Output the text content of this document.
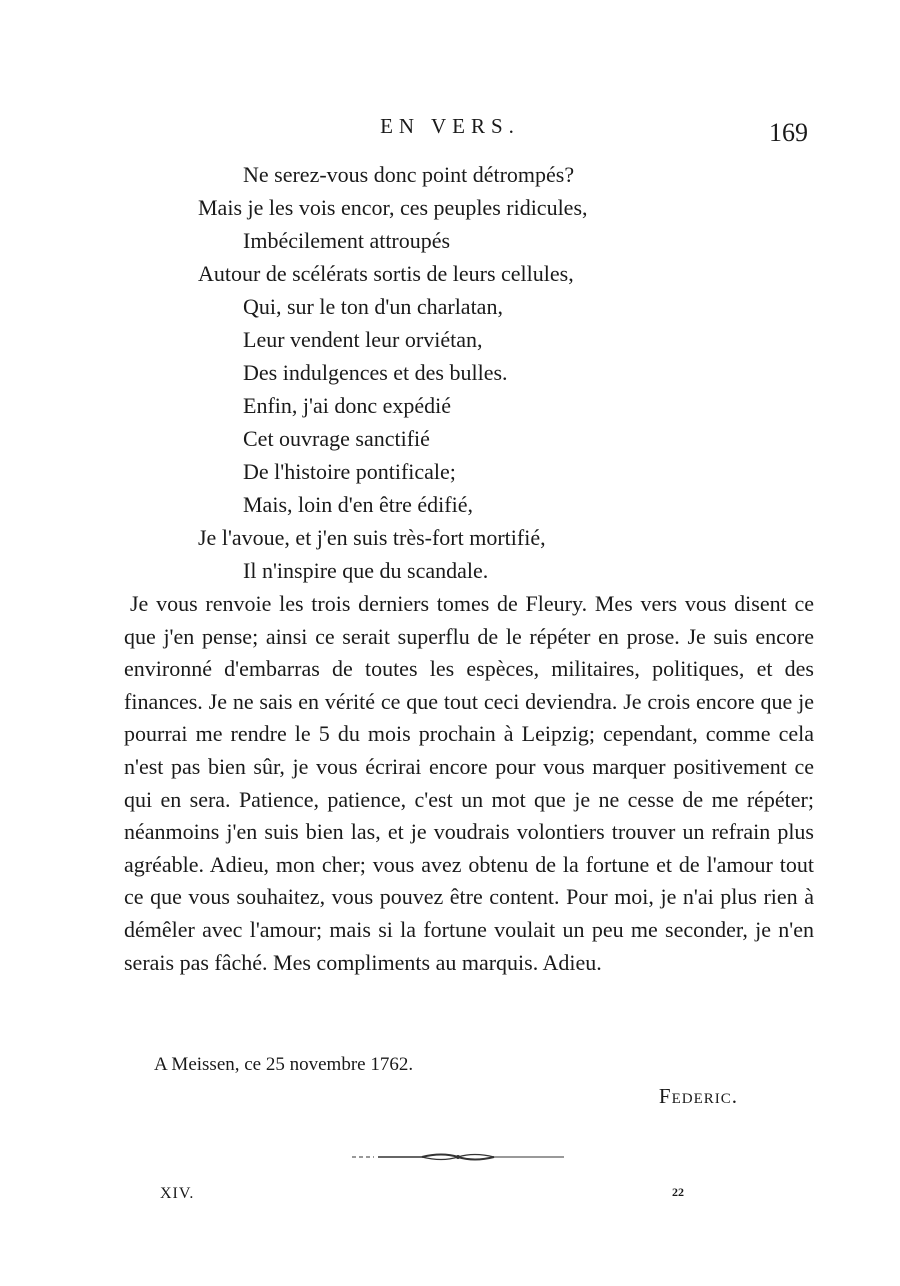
EN VERS.	169
Ne serez-vous donc point détrompés?
Mais je les vois encor, ces peuples ridicules,
Imbécilement attroupés
Autour de scélérats sortis de leurs cellules,
Qui, sur le ton d'un charlatan,
Leur vendent leur orviétan,
Des indulgences et des bulles.
Enfin, j'ai donc expédié
Cet ouvrage sanctifié
De l'histoire pontificale;
Mais, loin d'en être édifié,
Je l'avoue, et j'en suis très-fort mortifié,
Il n'inspire que du scandale.
Je vous renvoie les trois derniers tomes de Fleury. Mes vers vous disent ce que j'en pense; ainsi ce serait superflu de le répéter en prose. Je suis encore environné d'embarras de toutes les espèces, militaires, politiques, et des finances. Je ne sais en vérité ce que tout ceci deviendra. Je crois encore que je pourrai me rendre le 5 du mois prochain à Leipzig; cependant, comme cela n'est pas bien sûr, je vous écrirai encore pour vous marquer positivement ce qui en sera. Patience, patience, c'est un mot que je ne cesse de me répéter; néanmoins j'en suis bien las, et je voudrais volontiers trouver un refrain plus agréable. Adieu, mon cher; vous avez obtenu de la fortune et de l'amour tout ce que vous souhaitez, vous pouvez être content. Pour moi, je n'ai plus rien à démêler avec l'amour; mais si la fortune voulait un peu me seconder, je n'en serais pas fâché. Mes compliments au marquis. Adieu.
A Meissen, ce 25 novembre 1762.
Federic.
XIV.	22
